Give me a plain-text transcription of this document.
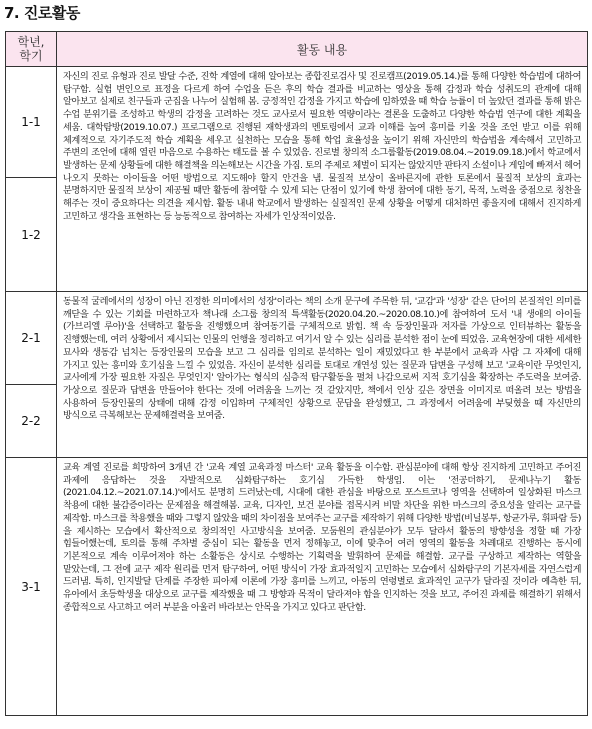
7. 진로활동
학년,
학기	활동 내용
1-1	자신의 진로 유형과 진로 발달 수준, 진학 계열에 대해 알아보는 종합진로검사 및 진로캠프(2019.05.14.)를 통해 다양한 학습법에 대하여 탐구함. 실험 변인으로 표정을 다르게 하여 수업을 듣은 후의 학습 결과를 비교하는 영상을 통해 감정과 학습 성취도의 관계에 대해 알아보고 실제로 친구들과 군집을 나누어 실험해 봄. 긍정적인 감정을 가지고 학습에 임하였을 때 학습 능률이 더 높았던 결과를 통해 밝은 수업 분위기를 조성하고 학생의 감정을 고려하는 것도 교사로서 필요한 역량이라는 결론을 도출하고 다양한 학습법 연구에 대한 계획을 세움. 대학탐방(2019.10.07.) 프로그램으로 진행된 재학생과의 멘토링에서 교과 이해를 높여 흥미를 키울 것을 조언 받고 이를 위해 체계적으로 자기주도적 학습 계획을 세우고 실천하는 모습을 통해 학업 효율성을 높이기 위해 자신만의 학습법을 계속해서 고민하고 주변의 조언에 대해 열린 마음으로 수용하는 태도를 볼 수 있었음. 진로별 창의적 소그룹활동(2019.08.04.~2019.09.18.)에서 학교에서 발생하는 문제 상황들에 대한 해결책을 의논해보는 시간을 가짐. 토의 주제로 체벌이 되지는 않았지만 판타지 소설이나 게임에 빠져서 헤어 나오지 못하는 아이들을 어떤 방법으로 지도해야 할지 안건을 냄. 물질적 보상이 올바른지에 관한 토론에서 물질적 보상의 효과는 분명하지만 물질적 보상이 제공될 때만 활동에 참여할 수 있게 되는 단점이 있기에 학생 참여에 대한 동기, 목적, 노력을 중점으로 칭찬을 해주는 것이 중요하다는 의견을 제시함. 활동 내내 학교에서 발생하는 실질적인 문제 상황을 어떻게 대처하면 좋을지에 대해서 진지하게 고민하고 생각을 표현하는 등 능동적으로 참여하는 자세가 인상적이었음.

1-2	
2-1	동물적 굴레에서의 성장이 아닌 진정한 의미에서의 성장'이라는 책의 소개 문구에 주목한 뒤, '교감'과 '성장' 같은 단어의 본질적인 의미를 깨닫을 수 있는 기회를 마련하고자 책나래 소그룹 창의적 특색활동(2020.04.20.~2020.08.10.)에 참여하여 도서 '내 생애의 아이들(가브리엘 루아)'을 선택하고 활동을 진행했으며 참여동기를 구체적으로 밝힘. 책 속 등장인물과 저자를 가상으로 인터뷰하는 활동을 진행했는데, 여러 상황에서 제시되는 인물의 언행을 정리하고 여기서 알 수 있는 심리를 분석한 점이 눈에 띄었음. 교육현장에 대한 세세한 묘사와 생동감 넘치는 등장인물의 모습을 보고 그 심리를 임의로 분석하는 일이 재밌었다고 한 부분에서 교육과 사람 그 자체에 대해 가지고 있는 흥미와 호기심을 느낄 수 있었음. 자신이 분석한 심리를 토대로 개연성 있는 질문과 답변을 구성해 보고 '교육이란 무엇인지, 교사에게 가장 필요한 자질은 무엇인지' 알아가는 형식의 심층적 탐구활동을 펼쳐 나감으로써 지적 호기심을 확장하는 주도력을 보여줌. 가상으로 질문과 답변을 만들어야 한다는 것에 어려움을 느끼는 것 같았지만, 책에서 인상 깊은 장면을 이미지로 떠올려 보는 방법을 사용하여 등장인물의 상태에 대해 감정 이입하며 구체적인 상황으로 문답을 완성했고, 그 과정에서 어려움에 부딪혔을 때 자신만의 방식으로 극복해보는 문제해결력을 보여줌.

2-2	
3-1	교육 계열 진로를 희망하여 3개년 간 '교육 계열 교육과정 마스터' 교육 활동을 이수함. 관심분야에 대해 항상 진지하게 고민하고 주어진 과제에 응답하는 것을 자발적으로 심화탐구하는 호기심 가득한 학생임. 이는 '전공더하기, 문제나누기 활동(2021.04.12.~2021.07.14.)'에서도 분명히 드러났는데, 시대에 대한 관심을 바탕으로 포스트코나 영역을 선택하여 일상화된 마스크 착용에 대한 불감증이라는 문제점을 해결해봄. 교육, 디자인, 보건 분야를 접목시켜 비말 차단을 위한 마스크의 중요성을 알리는 교구를 제작함. 마스크를 착용했을 때와 그렇지 않았을 때의 차이점을 보여주는 교구를 제작하기 위해 다양한 방법(비닐봉투, 항균가루, 휘파람 등)을 제시하는 모습에서 확산적으로 창의적인 사고방식을 보여줌. 모둠원의 관심분야가 모두 달라서 활동의 방향성을 정할 때 가장 힘들어했는데, 토의를 통해 주차별 중심이 되는 활동을 먼저 정해놓고, 이에 맞추어 여러 영역의 활동을 차례대로 진행하는 동시에 기본적으로 계속 이루어져야 하는 소활동은 상시로 수행하는 기획력을 발휘하여 문제를 해결함. 교구를 구상하고 제작하는 역할을 맡았는데, 그 전에 교구 제작 원리를 먼저 탐구하여, 어떤 방식이 가장 효과적일지 고민하는 모습에서 심화탐구의 기본자세를 자연스럽게 드러냄. 특히, 인지발달 단계를 주장한 피아제 이론에 가장 흥미를 느끼고, 아동의 연령별로 효과적인 교구가 달라질 것이라 예측한 뒤, 유아에서 초등학생을 대상으로 교구를 제작했을 때 그 방향과 목적이 달라져야 함을 인지하는 것을 보고, 주어진 과제를 해결하기 위해서 종합적으로 사고하고 여러 부분을 아울러 바라보는 안목을 가지고 있다고 판단함.
